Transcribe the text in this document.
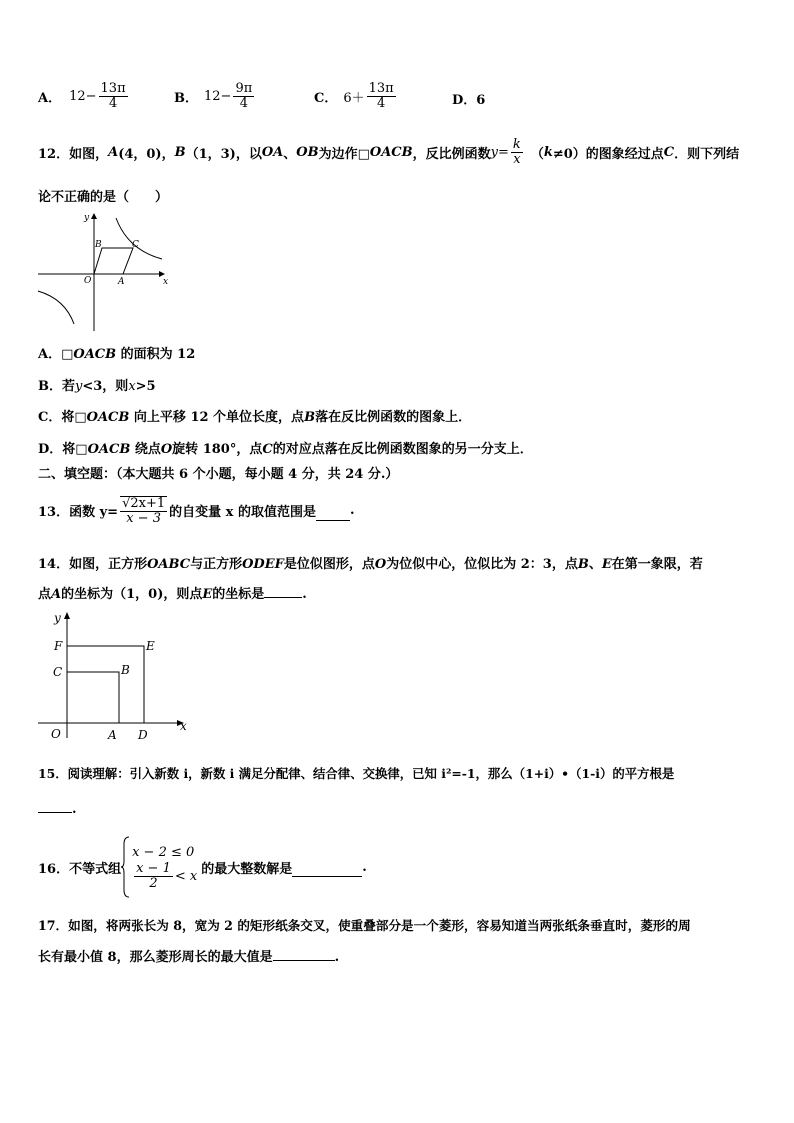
A． $12- \frac{13\pi}{4}$	B． $12- \frac{9\pi}{4}$	C． $6+ \frac{13\pi}{4}$	D．6
12．如图， A (4，0)， B （1，3)，以 OA 、 OB 为边作□ OACB ，反比例函数 $y = \frac{k}{x}$ （ k ≠0）的图象经过点 C ．则下列结
论不正确的是（　　）
y
x
O	A
B	C
A．□OACB 的面积为 12
B．若y<3，则x>5
C．将□OACB 向上平移 12 个单位长度，点B落在反比例函数的图象上．
D．将□OACB 绕点O旋转 180°，点C的对应点落在反比例函数图象的另一分支上．
二、填空题：（本大题共 6 个小题，每小题 4 分，共 24 分.）
13．函数 $y= \frac{√2x+1}{x - 3}$ 的自变量 x 的取值范围是	.
14．如图，正方形OABC与正方形ODEF是位似图形，点O为位似中心，位似比为 2：3，点B、E在第一象限，若
点A的坐标为（1，0)，则点E的坐标是	.
y
x
O	A D
F
C	B
E
15．阅读理解：引入新数 i，新数 i 满足分配律、结合律、交换律，已知 i²=-1，那么（1+i）•（1-i）的平方根是
.
16．不等式组
x − 2 ≤ 0
$\frac{x - 1}{2} < x$ 的最大整数解是	.
17．如图，将两张长为 8，宽为 2 的矩形纸条交叉，使重叠部分是一个菱形，容易知道当两张纸条垂直时，菱形的周
长有最小值 8，那么菱形周长的最大值是	.
